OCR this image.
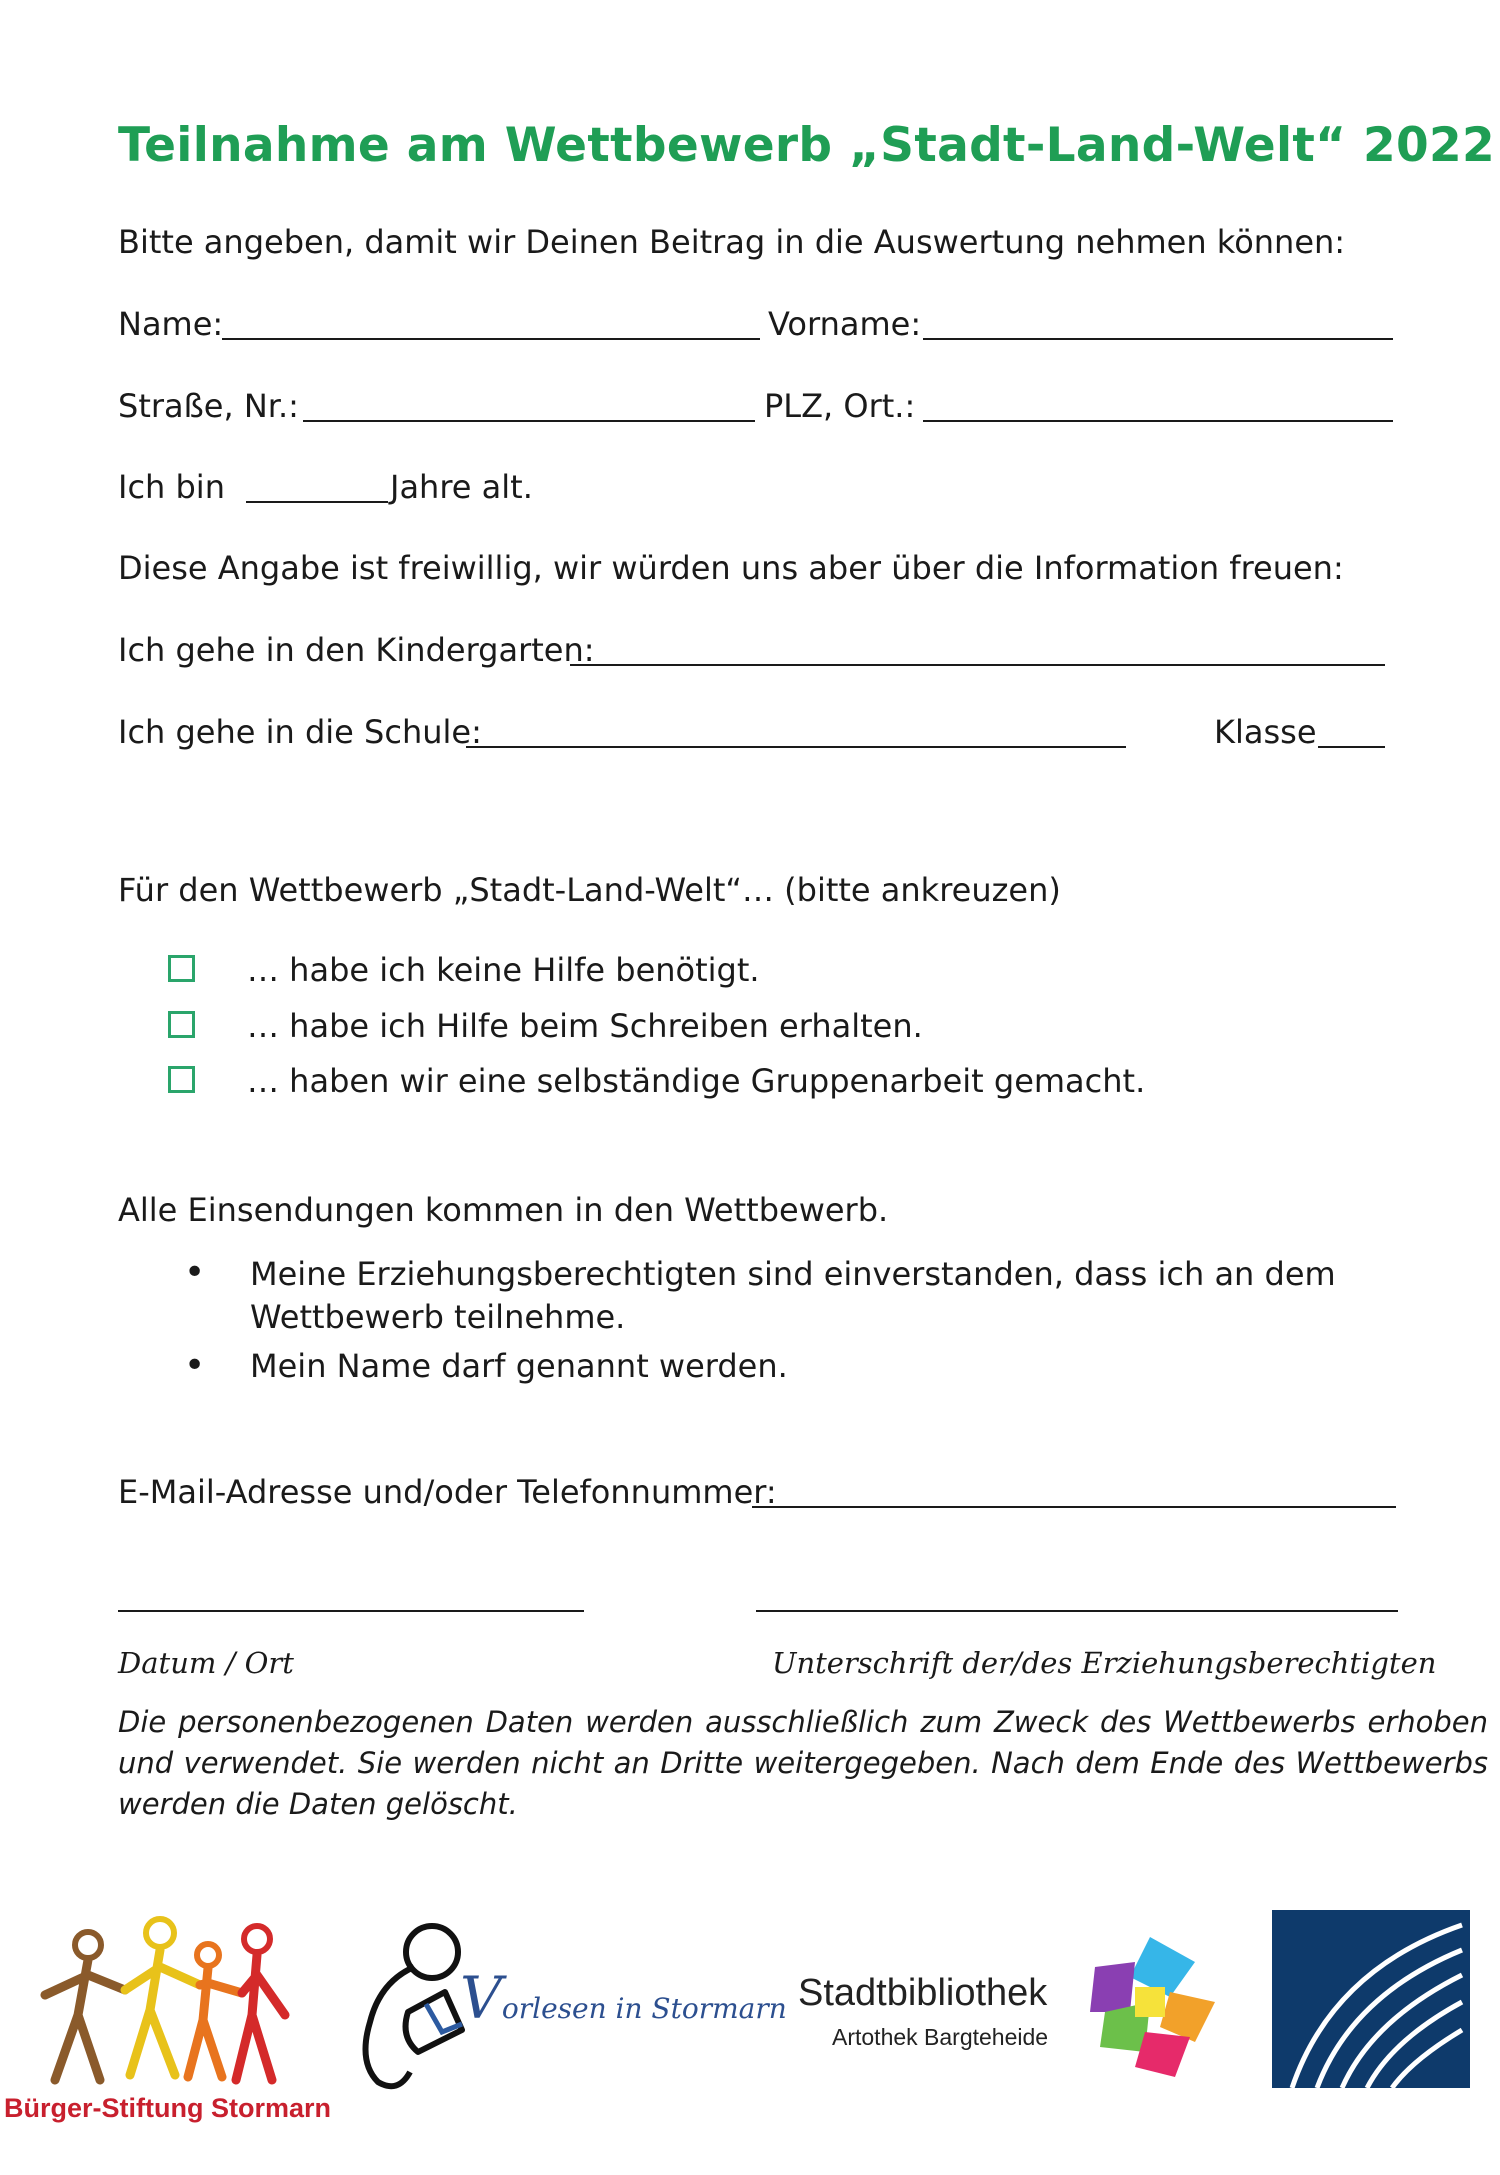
Teilnahme am Wettbewerb „Stadt-Land-Welt“ 2022
Bitte angeben, damit wir Deinen Beitrag in die Auswertung nehmen können:
Name:	Vorname:
Straße, Nr.:	PLZ, Ort.:
Ich bin	Jahre alt.
Diese Angabe ist freiwillig, wir würden uns aber über die Information freuen:
Ich gehe in den Kindergarten:
Ich gehe in die Schule:	Klasse
Für den Wettbewerb „Stadt-Land-Welt“… (bitte ankreuzen)
… habe ich keine Hilfe benötigt.
… habe ich Hilfe beim Schreiben erhalten.
… haben wir eine selbständige Gruppenarbeit gemacht.
Alle Einsendungen kommen in den Wettbewerb.
• Meine Erziehungsberechtigten sind einverstanden, dass ich an dem
Wettbewerb teilnehme.
• Mein Name darf genannt werden.
E-Mail-Adresse und/oder Telefonnummer:
Datum / Ort	Unterschrift der/des Erziehungsberechtigten
Die personenbezogenen Daten werden ausschließlich zum Zweck des Wettbewerbs erhoben und verwendet. Sie werden nicht an Dritte weitergegeben. Nach dem Ende des Wettbewerbs werden die Daten gelöscht.
Bürger-Stiftung Stormarn
Vorlesen in Stormarn Stadtbibliothek
Artothek Bargteheide
